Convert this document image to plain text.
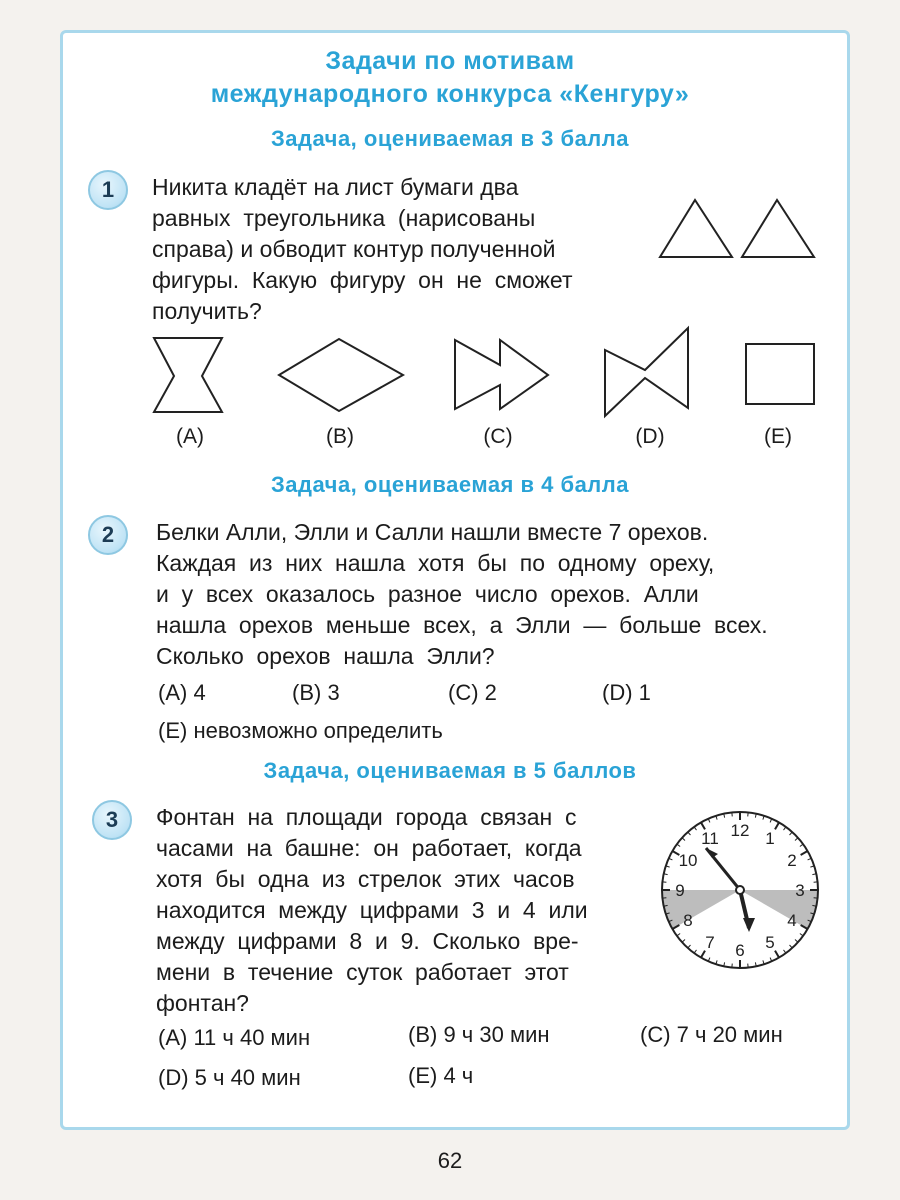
Задачи по мотивам
международного конкурса «Кенгуру»
Задача, оцениваемая в 3 балла
1	Никита кладёт на лист бумаги два
равных  треугольника  (нарисованы
справа) и обводит контур полученной
фигуры.  Какую  фигуру  он  не  сможет
получить?
(A)	(B)	(C)	(D)	(E)
Задача, оцениваемая в 4 балла
2	Белки Алли, Элли и Салли нашли вместе 7 орехов.
Каждая  из  них  нашла  хотя  бы  по  одному  ореху,
и  у  всех  оказалось  разное  число  орехов.  Алли
нашла  орехов  меньше  всех,  а  Элли  —  больше  всех.
Сколько  орехов  нашла  Элли?
(A) 4	(B) 3	(C) 2	(D) 1
(E) невозможно определить
Задача, оцениваемая в 5 баллов
3	Фонтан  на  площади  города  связан  с
часами  на  башне:  он  работает,  когда
хотя  бы  одна  из  стрелок  этих  часов
находится  между  цифрами  3  и  4  или
между  цифрами  8  и  9.  Сколько  вре-
мени  в  течение  суток  работает  этот
фонтан?
12 1
2
3
4
5
6
7
8
9
10
11
(A) 11 ч 40 мин	(B) 9 ч 30 мин	(C) 7 ч 20 мин
(D) 5 ч 40 мин	(E) 4 ч
62
